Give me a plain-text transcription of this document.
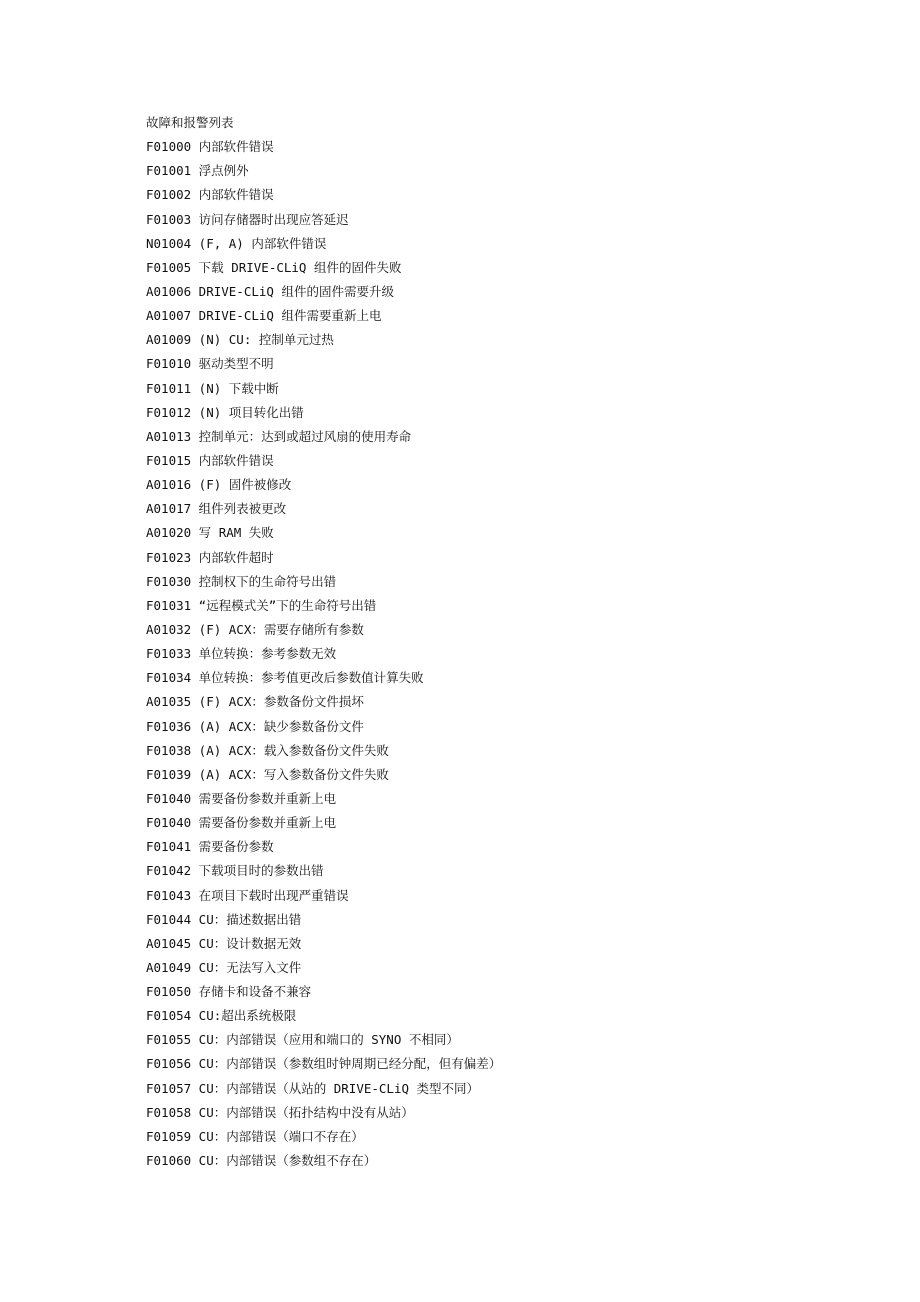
故障和报警列表
F01000 内部软件错误
F01001 浮点例外
F01002 内部软件错误
F01003 访问存储器时出现应答延迟
N01004 (F, A) 内部软件错误
F01005 下载 DRIVE-CLiQ 组件的固件失败
A01006 DRIVE-CLiQ 组件的固件需要升级
A01007 DRIVE-CLiQ 组件需要重新上电
A01009 (N) CU: 控制单元过热
F01010 驱动类型不明
F01011 (N) 下载中断
F01012 (N) 项目转化出错
A01013 控制单元：达到或超过风扇的使用寿命
F01015 内部软件错误
A01016 (F) 固件被修改
A01017 组件列表被更改
A01020 写 RAM 失败
F01023 内部软件超时
F01030 控制权下的生命符号出错
F01031 “远程模式关”下的生命符号出错
A01032 (F) ACX：需要存储所有参数
F01033 单位转换：参考参数无效
F01034 单位转换：参考值更改后参数值计算失败
A01035 (F) ACX：参数备份文件损坏
F01036 (A) ACX：缺少参数备份文件
F01038 (A) ACX：载入参数备份文件失败
F01039 (A) ACX：写入参数备份文件失败
F01040 需要备份参数并重新上电
F01040 需要备份参数并重新上电
F01041 需要备份参数
F01042 下载项目时的参数出错
F01043 在项目下载时出现严重错误
F01044 CU：描述数据出错
A01045 CU：设计数据无效
A01049 CU：无法写入文件
F01050 存储卡和设备不兼容
F01054 CU:超出系统极限
F01055 CU：内部错误（应用和端口的 SYNO 不相同）
F01056 CU：内部错误（参数组时钟周期已经分配，但有偏差）
F01057 CU：内部错误（从站的 DRIVE-CLiQ 类型不同）
F01058 CU：内部错误（拓扑结构中没有从站）
F01059 CU：内部错误（端口不存在）
F01060 CU：内部错误（参数组不存在）
